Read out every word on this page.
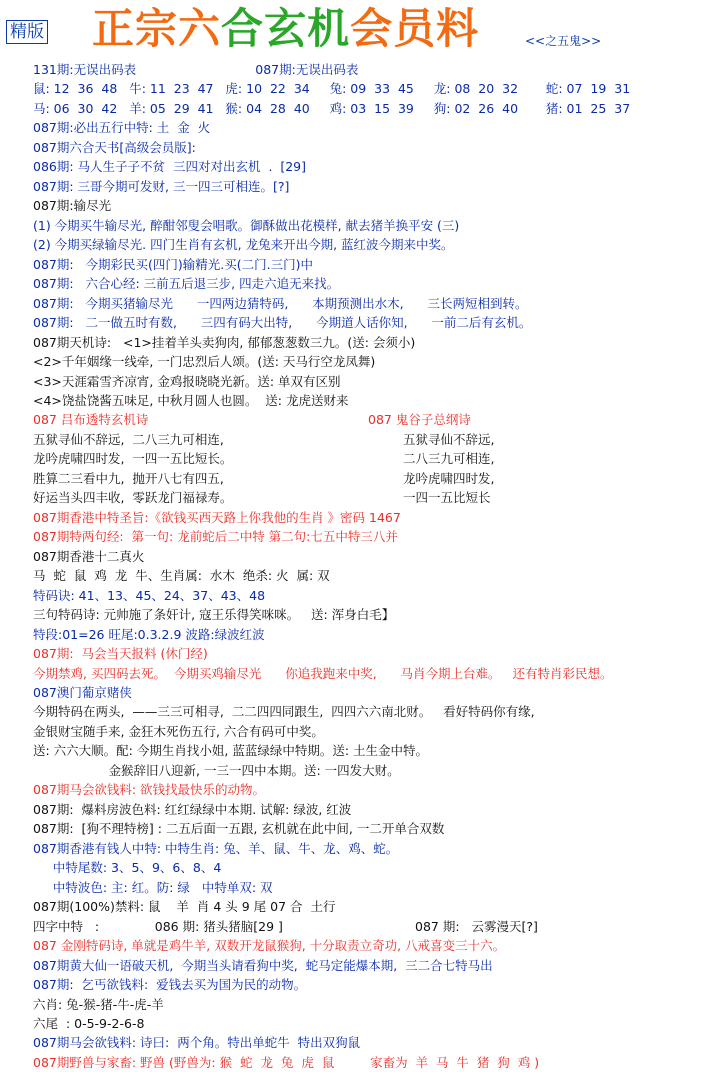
精版 正宗六合玄机会员料	<<之五鬼>>
131期:无误出码表                              087期:无误出码表
鼠: 12  36  48   牛: 11  23  47   虎: 10  22  34     兔: 09  33  45     龙: 08  20  32       蛇: 07  19  31
马: 06  30  42   羊: 05  29  41   猴: 04  28  40     鸡: 03  15  39     狗: 02  26  40       猪: 01  25  37
087期:必出五行中特: 土  金  火
087期六合天书[高级会员版]:
086期: 马人生子子不贫  三四对对出玄机  .  [29]
087期: 三哥今期可发财, 三一四三可相连。[?]
087期:输尽光
(1) 今期买牛输尽光, 醉酣邻叟会唱歌。御酥做出花模样, 献去猪羊换平安 (三)
(2) 今期买绿输尽光. 四门生肖有玄机, 龙兔来开出今期, 蓝红波今期来中奖。
087期:   今期彩民买(四门)输精光.买(二门.三门)中
087期:   六合心经: 三前五后退三步, 四走六追无来找。
087期:   今期买猪输尽光      一四两边猜特码,      本期预测出水木,      三长两短相到转。
087期:   二一做五时有数,      三四有码大出特,      今期道人话你知,      一前二后有玄机。
087期天机诗:   <1>挂着羊头卖狗肉, 郁郁葱葱数三九。(送: 会须小)
<2>千年姻缘一线牵, 一门忠烈后人颂。(送: 天马行空龙凤舞)
<3>天涯霜雪齐凉宵, 金鸡报晓晓光新。送: 单双有区别
<4>饶盐饶酱五味足, 中秋月圆人也圆。  送: 龙虎送财来
087 吕布透特玄机诗	087 鬼谷子总纲诗
五狱寻仙不辞远,  二八三九可相连,	五狱寻仙不辞远,
龙吟虎啸四时发,  一四一五比短长。	二八三九可相连,
胜算二三看中九,  抛开八七有四五,	龙吟虎啸四时发,
好运当头四丰收,  零跃龙门福禄寿。	一四一五比短长
087期香港中特圣旨:《欲钱买西天路上你我他的生肖 》密码 1467
087期特两句经:  第一句: 龙前蛇后二中特 第二句:七五中特三八并
087期香港十二真火
马  蛇  鼠  鸡  龙  牛、生肖属:  水木  绝杀: 火  属: 双
特码诀: 41、13、45、24、37、43、48
三句特码诗: 元帅施了条奸计, 寇王乐得笑咪咪。   送: 浑身白毛】
特段:01=26 旺尾:0.3.2.9 波路:绿波红波
087期:  马会当天报料 (休门经)
今期禁鸡, 买四码去死。  今期买鸡输尽光      你追我跑来中奖,      马肖今期上台难。   还有特肖彩民想。
087澳门葡京赌侠
今期特码在两头,  ——三三可相寻,  二二四四同跟生,  四四六六南北财。   看好特码你有缘,
金银财宝随手来, 金狂木死伤五行, 六合有码可中奖。
送: 六六大顺。配: 今期生肖找小姐, 蓝蓝绿绿中特期。送: 土生金中特。
金猴辞旧八迎新, 一三一四中本期。送: 一四发大财。
087期马会欲钱料: 欲钱找最快乐的动物。
087期:  爆料房波色料: 红红绿绿中本期. 试解: 绿波, 红波
087期:  [狗不理特榜] : 二五后面一五跟, 玄机就在此中间, 一二开单合双数
087期香港有钱人中特: 中特生肖: 兔、羊、鼠、牛、龙、鸡、蛇。
中特尾数: 3、5、9、6、8、4
中特波色: 主: 红。防: 绿   中特单双: 双
087期(100%)禁料: 鼠    羊  肖 4 头 9 尾 07 合  土行
四字中特   :              086 期: 猪头猪脑[29 ]	087 期:   云雾漫天[?]
087 金刚特码诗, 单就是鸡牛羊, 双数开龙鼠猴狗, 十分取责立奇功, 八戒喜变三十六。
087期黄大仙一语破天机,  今期当头请看狗中奖,  蛇马定能爆本期,  三二合七特马出
087期:  乞丐欲钱料:  爱钱去买为国为民的动物。
六肖: 兔-猴-猪-牛-虎-羊
六尾  : 0-5-9-2-6-8
087期马会欲钱料: 诗曰:  两个角。特出单蛇牛  特出双狗鼠
087期野兽与家畜: 野兽 (野兽为: 猴  蛇  龙  兔  虎  鼠         家畜为  羊  马  牛  猪  狗  鸡 )
